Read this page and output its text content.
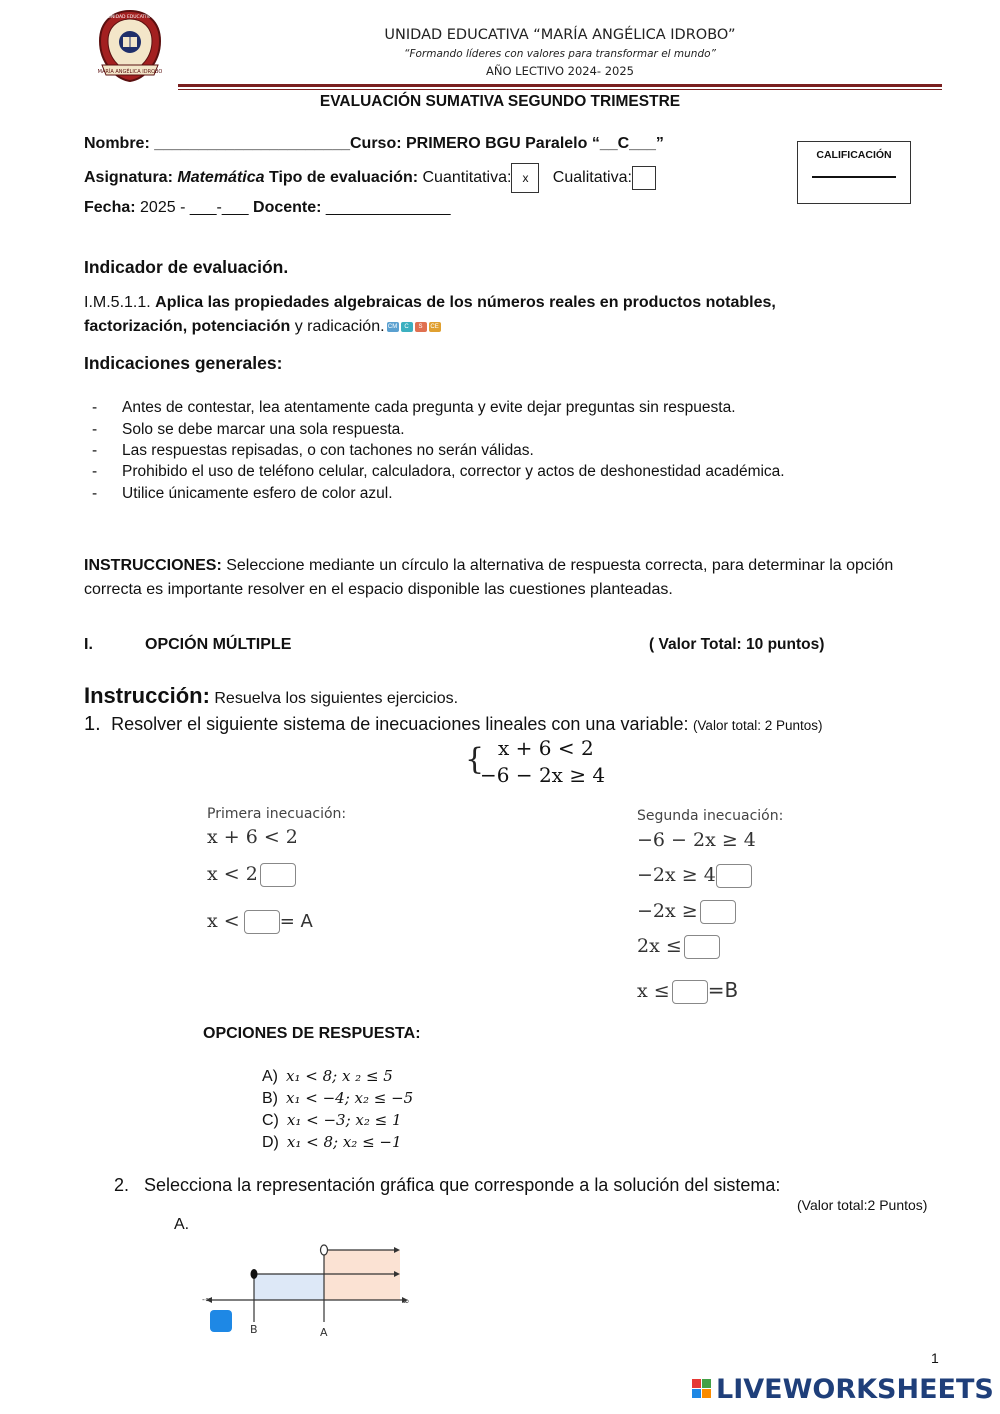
MARÍA ANGÉLICA IDROBO
UNIDAD EDUCATIVA
UNIDAD EDUCATIVA “MARÍA ANGÉLICA IDROBO”
“Formando líderes con valores para transformar el mundo”
AÑO LECTIVO 2024- 2025
EVALUACIÓN SUMATIVA SEGUNDO TRIMESTRE
Nombre: ______________________Curso: PRIMERO BGU Paralelo “__C___”
Asignatura: Matemática Tipo de evaluación: Cuantitativa: x Cualitativa:
Fecha: 2025 - ___-___ Docente: ______________
CALIFICACIÓN
Indicador de evaluación.
I.M.5.1.1. Aplica las propiedades algebraicas de los números reales en productos notables,
factorización, potenciación y radicación. CM C S CE
Indicaciones generales:
- Antes de contestar, lea atentamente cada pregunta y evite dejar preguntas sin respuesta.
- Solo se debe marcar una sola respuesta.
- Las respuestas repisadas, o con tachones no serán válidas.
- Prohibido el uso de teléfono celular, calculadora, corrector y actos de deshonestidad académica.
- Utilice únicamente esfero de color azul.
INSTRUCCIONES: Seleccione mediante un círculo la alternativa de respuesta correcta, para determinar la opción correcta es importante resolver en el espacio disponible las cuestiones planteadas.
I.	OPCIÓN MÚLTIPLE	( Valor Total: 10 puntos)
Instrucción: Resuelva los siguientes ejercicios.
1. Resolver el siguiente sistema de inecuaciones lineales con una variable: (Valor total: 2 Puntos)
{ x + 6 < 2
−6 − 2x ≥ 4
Primera inecuación:
x + 6 < 2
x < 2
x < = A
Segunda inecuación:
−6 − 2x ≥ 4
−2x ≥ 4
−2x ≥
2x ≤
x ≤ =B
OPCIONES DE RESPUESTA:
A) x₁ < 8; x ₂ ≤ 5
B) x₁ < −4; x₂ ≤ −5
C) x₁ < −3; x₂ ≤ 1
D) x₁ < 8; x₂ ≤ −1
2. Selecciona la representación gráfica que corresponde a la solución del sistema:
(Valor total:2 Puntos)
A.
-∞	∞
B	A
1
LIVEWORKSHEETS
